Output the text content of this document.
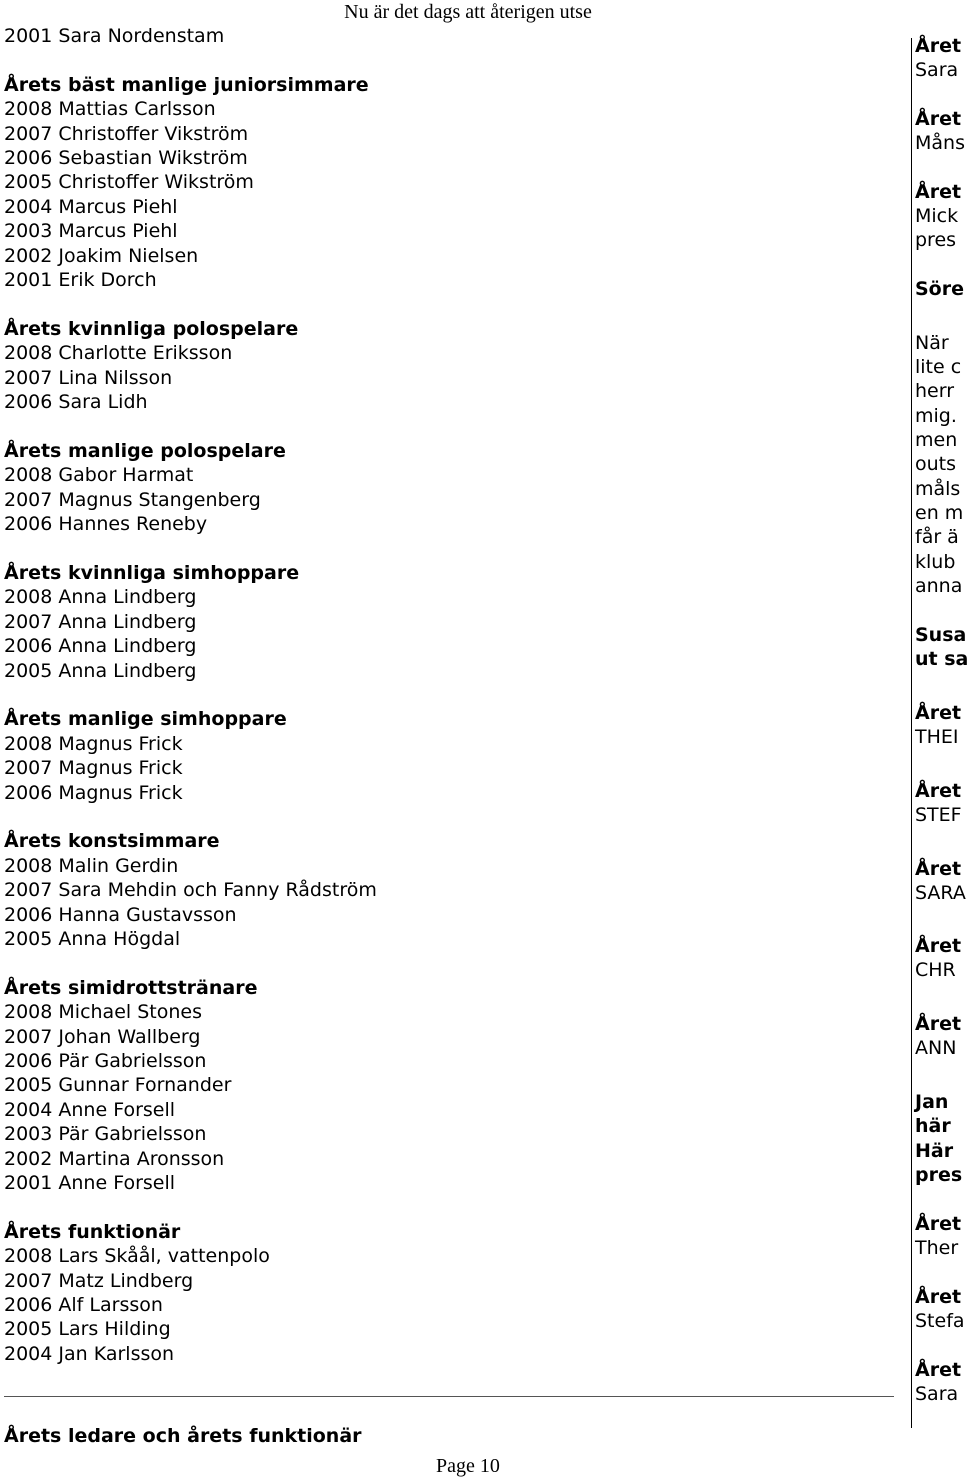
Nu är det dags att återigen utse
2001 Sara Nordenstam
Årets bäst manlige juniorsimmare
2008 Mattias Carlsson
2007 Christoffer Vikström
2006 Sebastian Wikström
2005 Christoffer Wikström
2004 Marcus Piehl
2003 Marcus Piehl
2002 Joakim Nielsen
2001 Erik Dorch
Årets kvinnliga polospelare
2008 Charlotte Eriksson
2007 Lina Nilsson
2006 Sara Lidh
Årets manlige polospelare
2008 Gabor Harmat
2007 Magnus Stangenberg
2006 Hannes Reneby
Årets kvinnliga simhoppare
2008 Anna Lindberg
2007 Anna Lindberg
2006 Anna Lindberg
2005 Anna Lindberg
Årets manlige simhoppare
2008 Magnus Frick
2007 Magnus Frick
2006 Magnus Frick
Årets konstsimmare
2008 Malin Gerdin
2007 Sara Mehdin och Fanny Rådström
2006 Hanna Gustavsson
2005 Anna Högdal
Årets simidrottstränare
2008 Michael Stones
2007 Johan Wallberg
2006 Pär Gabrielsson
2005 Gunnar Fornander
2004 Anne Forsell
2003 Pär Gabrielsson
2002 Martina Aronsson
2001 Anne Forsell
Årets funktionär
2008 Lars Skåål, vattenpolo
2007 Matz Lindberg
2006 Alf Larsson
2005 Lars Hilding
2004 Jan Karlsson
Årets ledare och årets funktionär
Året
Sara
Året
Måns
Året
Mick
pres
Söre
När
lite c
herr
mig.
men
outs
måls
en m
får ä
klub
anna
Susa
ut sa
Året
THEI
Året
STEF
Året
SARA
Året
CHR
Året
ANN
Jan
här
Här
pres
Året
Ther
Året
Stefa
Året
Sara
Page 10
